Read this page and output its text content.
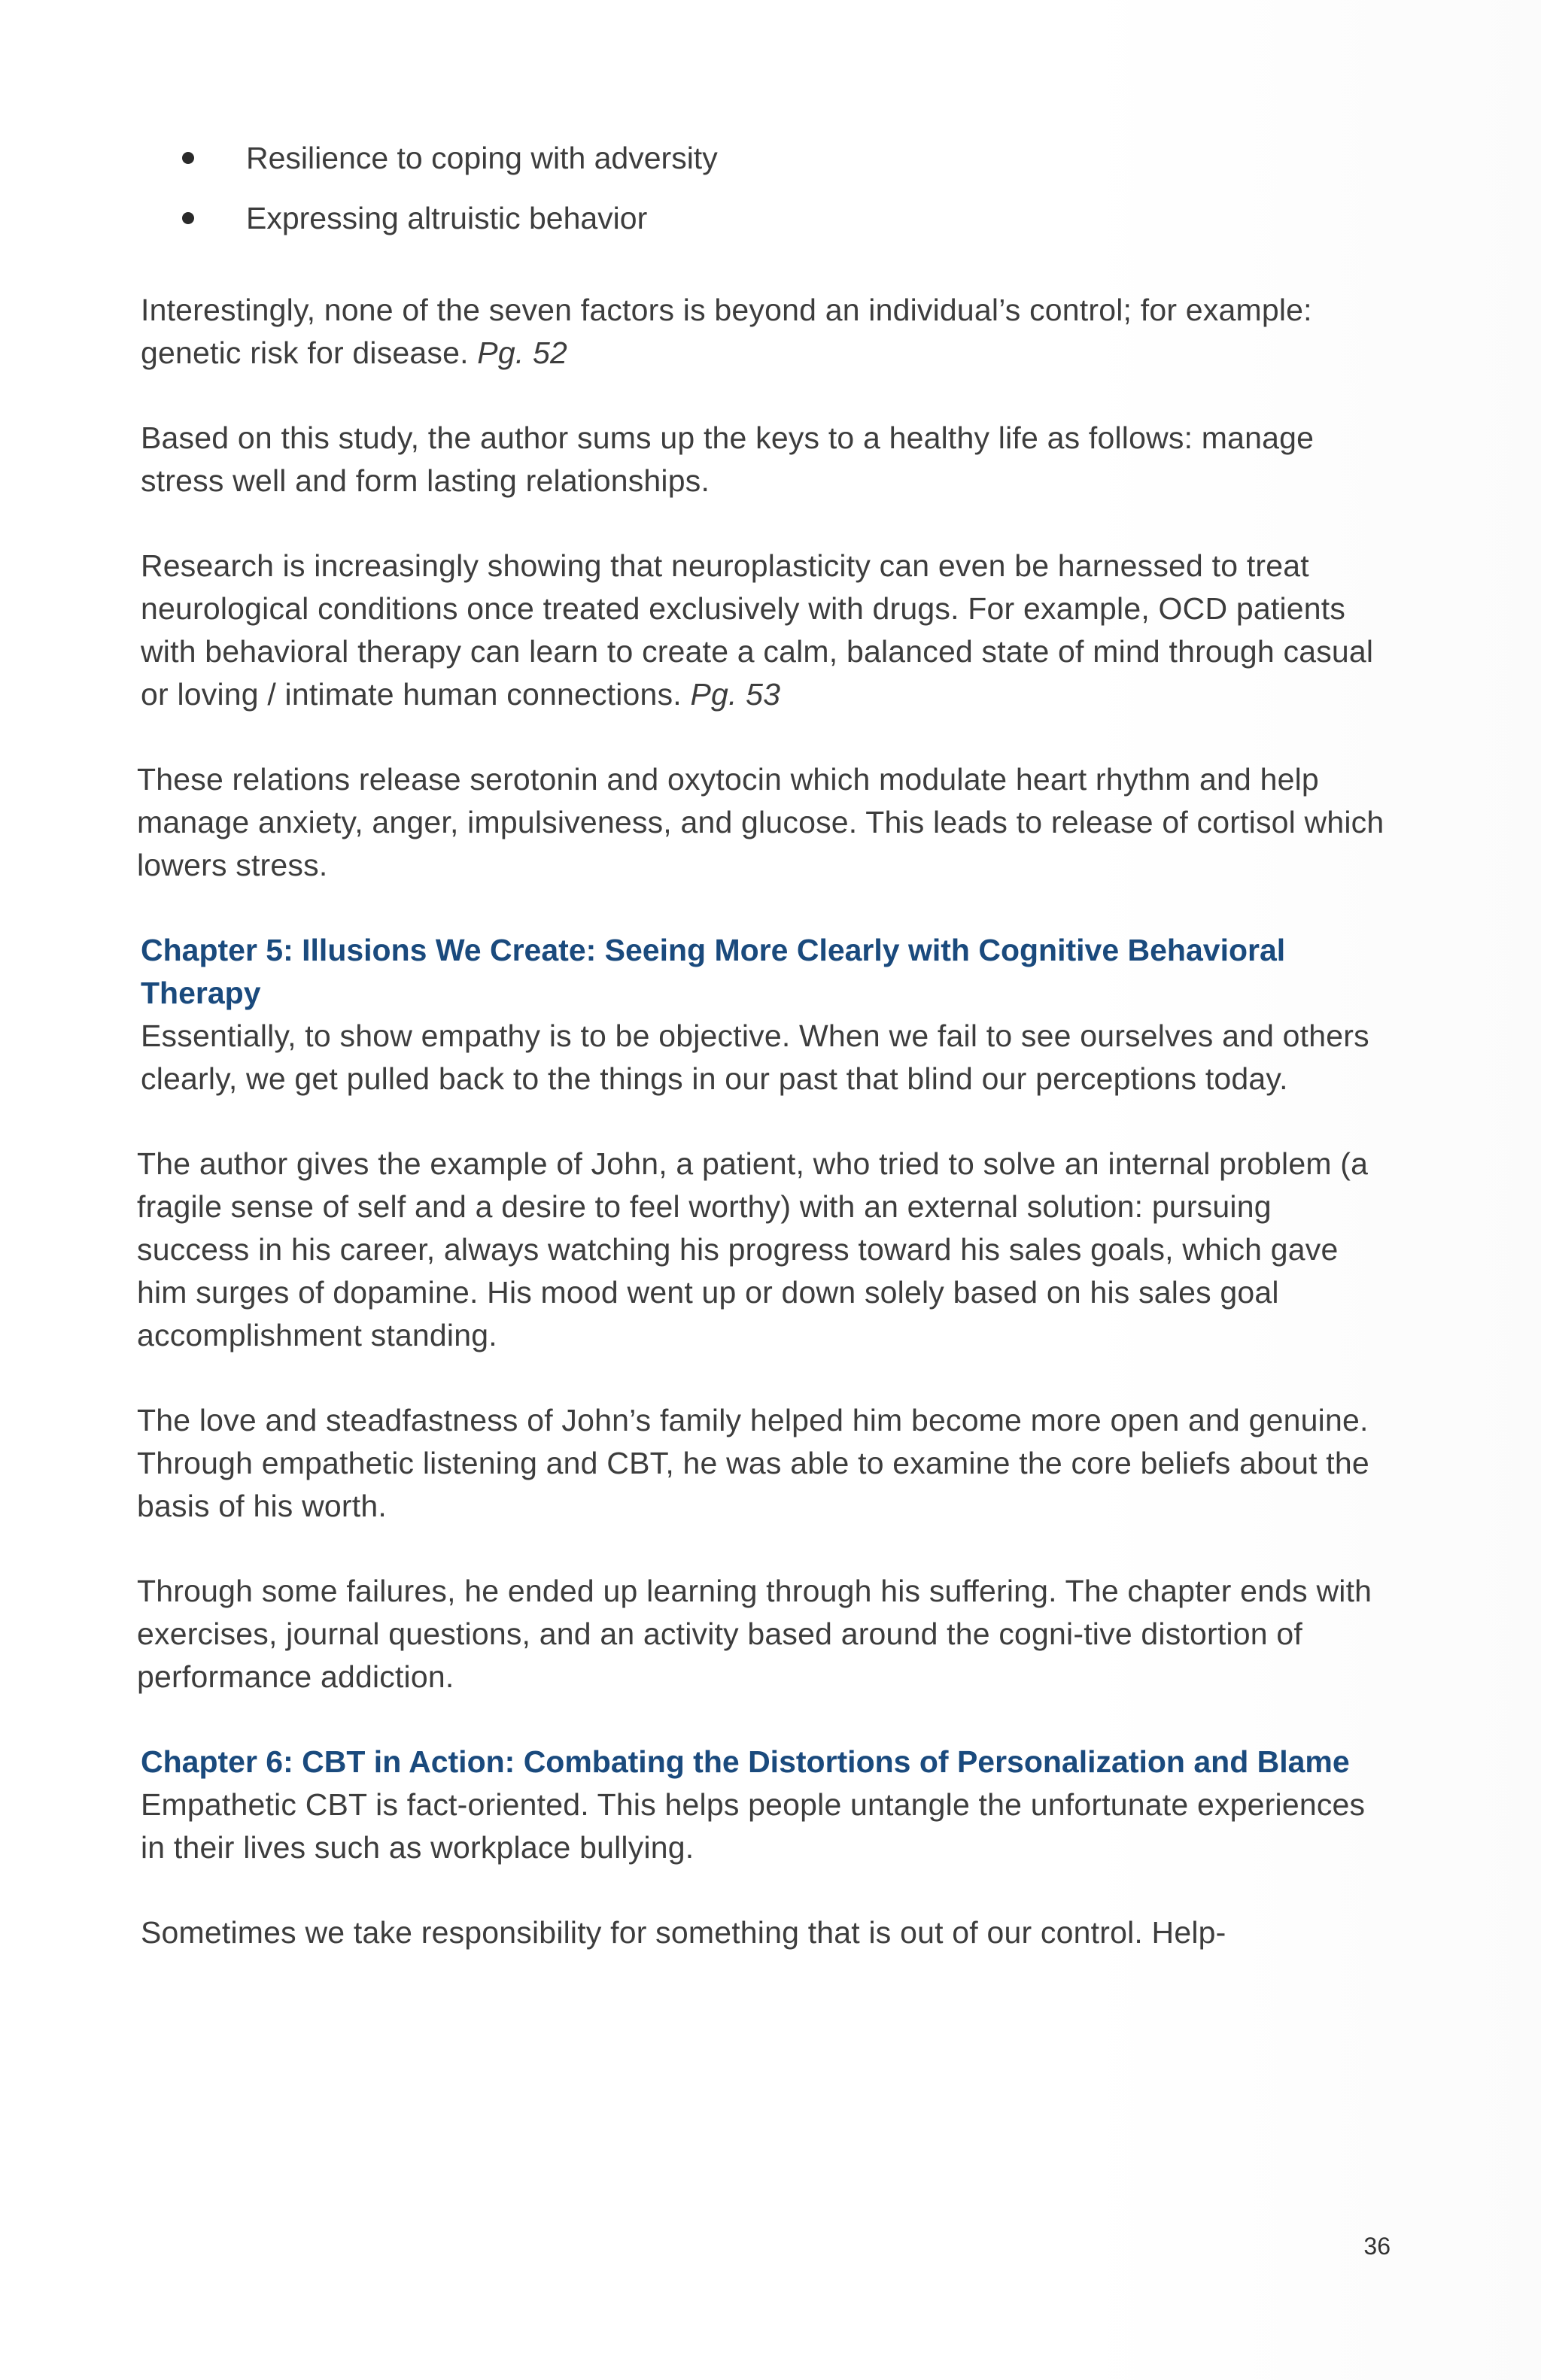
Resilience to coping with adversity
Expressing altruistic behavior

Interestingly, none of the seven factors is beyond an individual’s control; for example: genetic risk for disease. Pg. 52

Based on this study, the author sums up the keys to a healthy life as follows: manage stress well and form lasting relationships.

Research is increasingly showing that neuroplasticity can even be harnessed to treat neurological conditions once treated exclusively with drugs. For example, OCD patients with behavioral therapy can learn to create a calm, balanced state of mind through casual or loving / intimate human connections. Pg. 53

These relations release serotonin and oxytocin which modulate heart rhythm and help manage anxiety, anger, impulsiveness, and glucose. This leads to release of cortisol which lowers stress.

Chapter 5: Illusions We Create: Seeing More Clearly with Cognitive Behavioral Therapy

Essentially, to show empathy is to be objective. When we fail to see ourselves and others clearly, we get pulled back to the things in our past that blind our perceptions today.

The author gives the example of John, a patient, who tried to solve an internal problem (a fragile sense of self and a desire to feel worthy) with an external solution: pursuing success in his career, always watching his progress toward his sales goals, which gave him surges of dopamine. His mood went up or down solely based on his sales goal accomplishment standing.

The love and steadfastness of John’s family helped him become more open and genuine. Through empathetic listening and CBT, he was able to examine the core beliefs about the basis of his worth.

Through some failures, he ended up learning through his suffering. The chapter ends with exercises, journal questions, and an activity based around the cogni-tive distortion of performance addiction.

Chapter 6: CBT in Action: Combating the Distortions of Personalization and Blame

Empathetic CBT is fact-oriented. This helps people untangle the unfortunate experiences in their lives such as workplace bullying.

Sometimes we take responsibility for something that is out of our control. Help-

36
